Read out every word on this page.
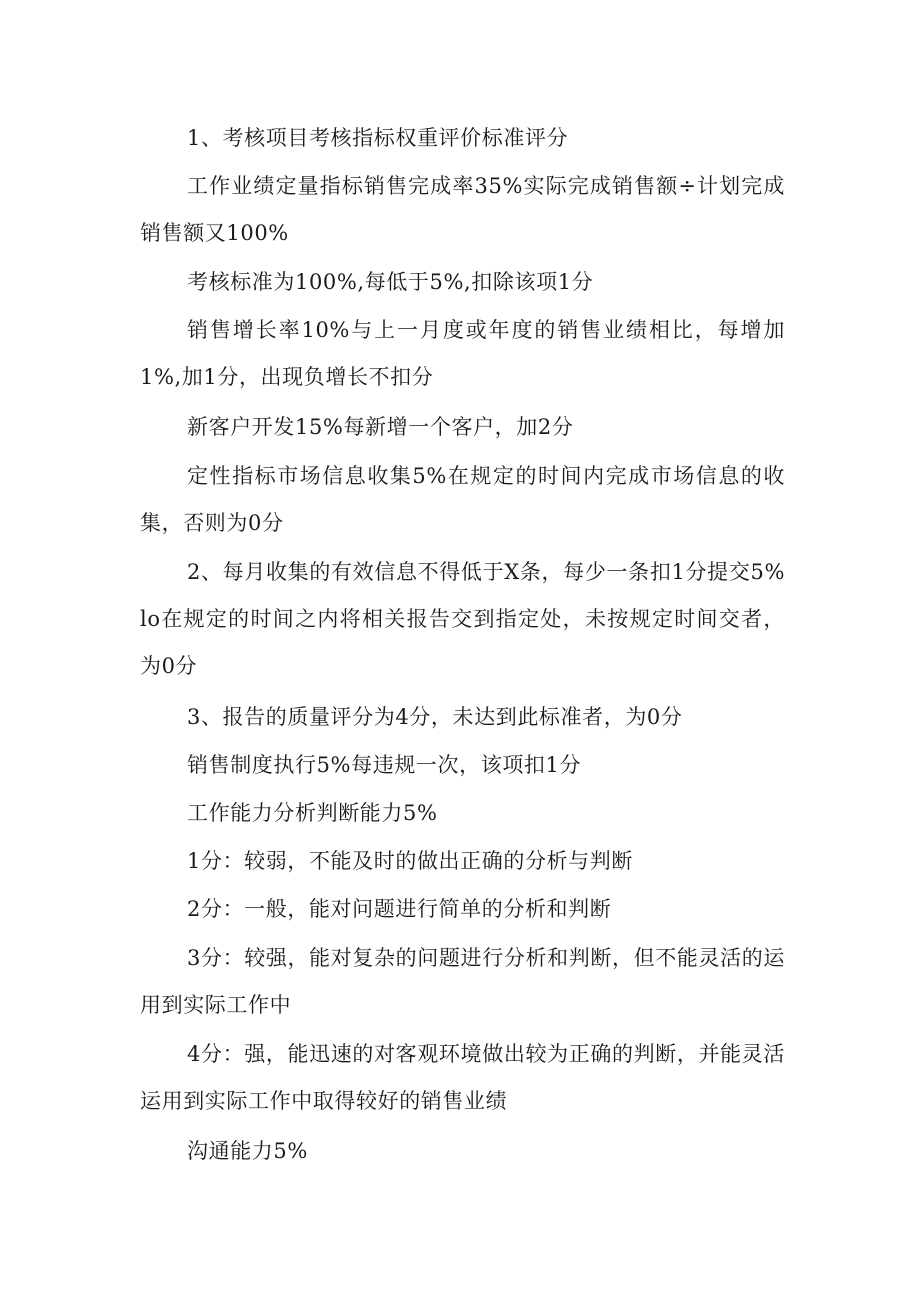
1、考核项目考核指标权重评价标准评分

工作业绩定量指标销售完成率35%实际完成销售额÷计划完成销售额又100%

考核标准为100%,每低于5%,扣除该项1分

销售增长率10%与上一月度或年度的销售业绩相比，每增加1%,加1分，出现负增长不扣分

新客户开发15%每新增一个客户，加2分

定性指标市场信息收集5%在规定的时间内完成市场信息的收集，否则为0分

2、每月收集的有效信息不得低于X条，每少一条扣1分提交5%lo在规定的时间之内将相关报告交到指定处，未按规定时间交者，为0分

3、报告的质量评分为4分，未达到此标准者，为0分

销售制度执行5%每违规一次，该项扣1分

工作能力分析判断能力5%

1分：较弱，不能及时的做出正确的分析与判断

2分：一般，能对问题进行简单的分析和判断

3分：较强，能对复杂的问题进行分析和判断，但不能灵活的运用到实际工作中

4分：强，能迅速的对客观环境做出较为正确的判断，并能灵活运用到实际工作中取得较好的销售业绩

沟通能力5%
